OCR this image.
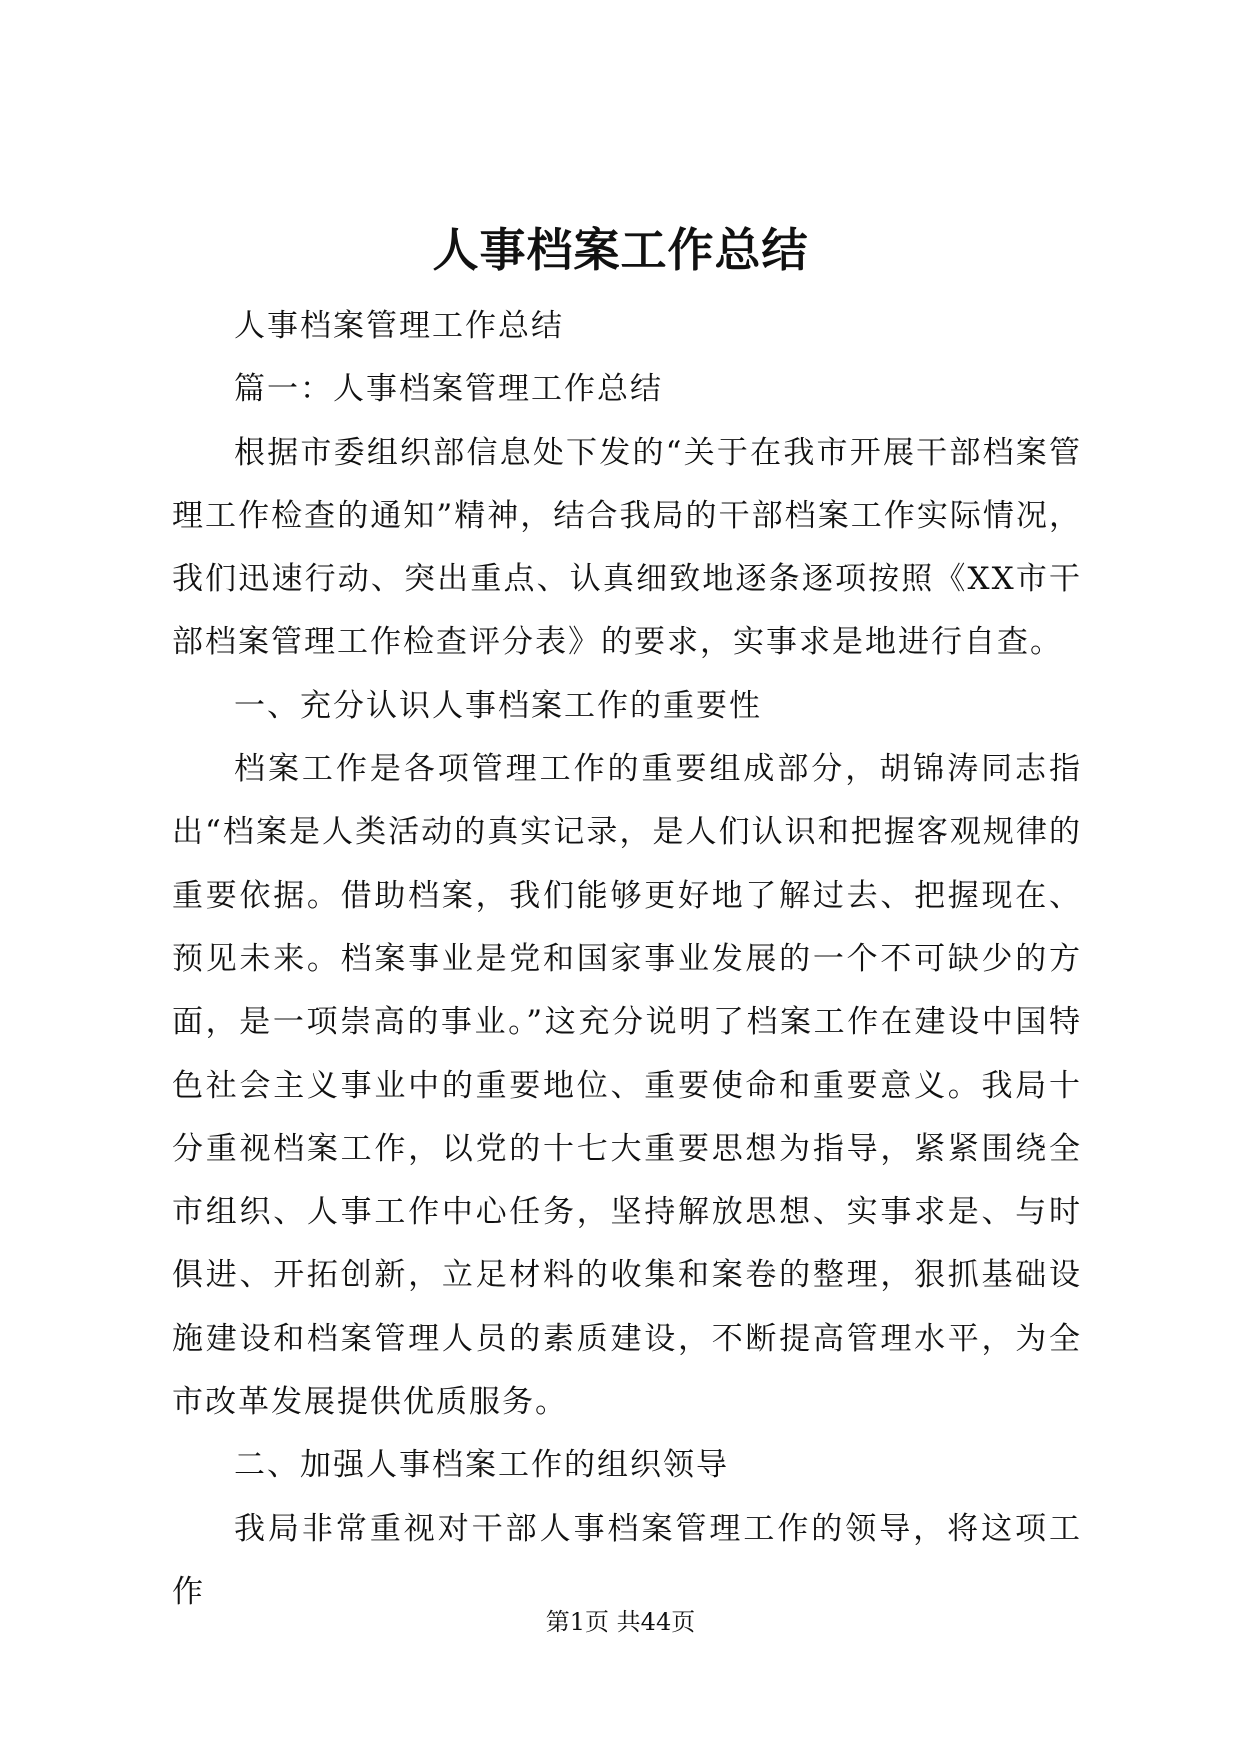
人事档案工作总结

人事档案管理工作总结

篇一：人事档案管理工作总结

根据市委组织部信息处下发的“关于在我市开展干部档案管理工作检查的通知”精神，结合我局的干部档案工作实际情况，我们迅速行动、突出重点、认真细致地逐条逐项按照《XX市干部档案管理工作检查评分表》的要求，实事求是地进行自查。

一、充分认识人事档案工作的重要性

档案工作是各项管理工作的重要组成部分，胡锦涛同志指出“档案是人类活动的真实记录，是人们认识和把握客观规律的重要依据。借助档案，我们能够更好地了解过去、把握现在、预见未来。档案事业是党和国家事业发展的一个不可缺少的方面，是一项崇高的事业。”这充分说明了档案工作在建设中国特色社会主义事业中的重要地位、重要使命和重要意义。我局十分重视档案工作，以党的十七大重要思想为指导，紧紧围绕全市组织、人事工作中心任务，坚持解放思想、实事求是、与时俱进、开拓创新，立足材料的收集和案卷的整理，狠抓基础设施建设和档案管理人员的素质建设，不断提高管理水平，为全市改革发展提供优质服务。

二、加强人事档案工作的组织领导

我局非常重视对干部人事档案管理工作的领导，将这项工作

第1页 共44页
